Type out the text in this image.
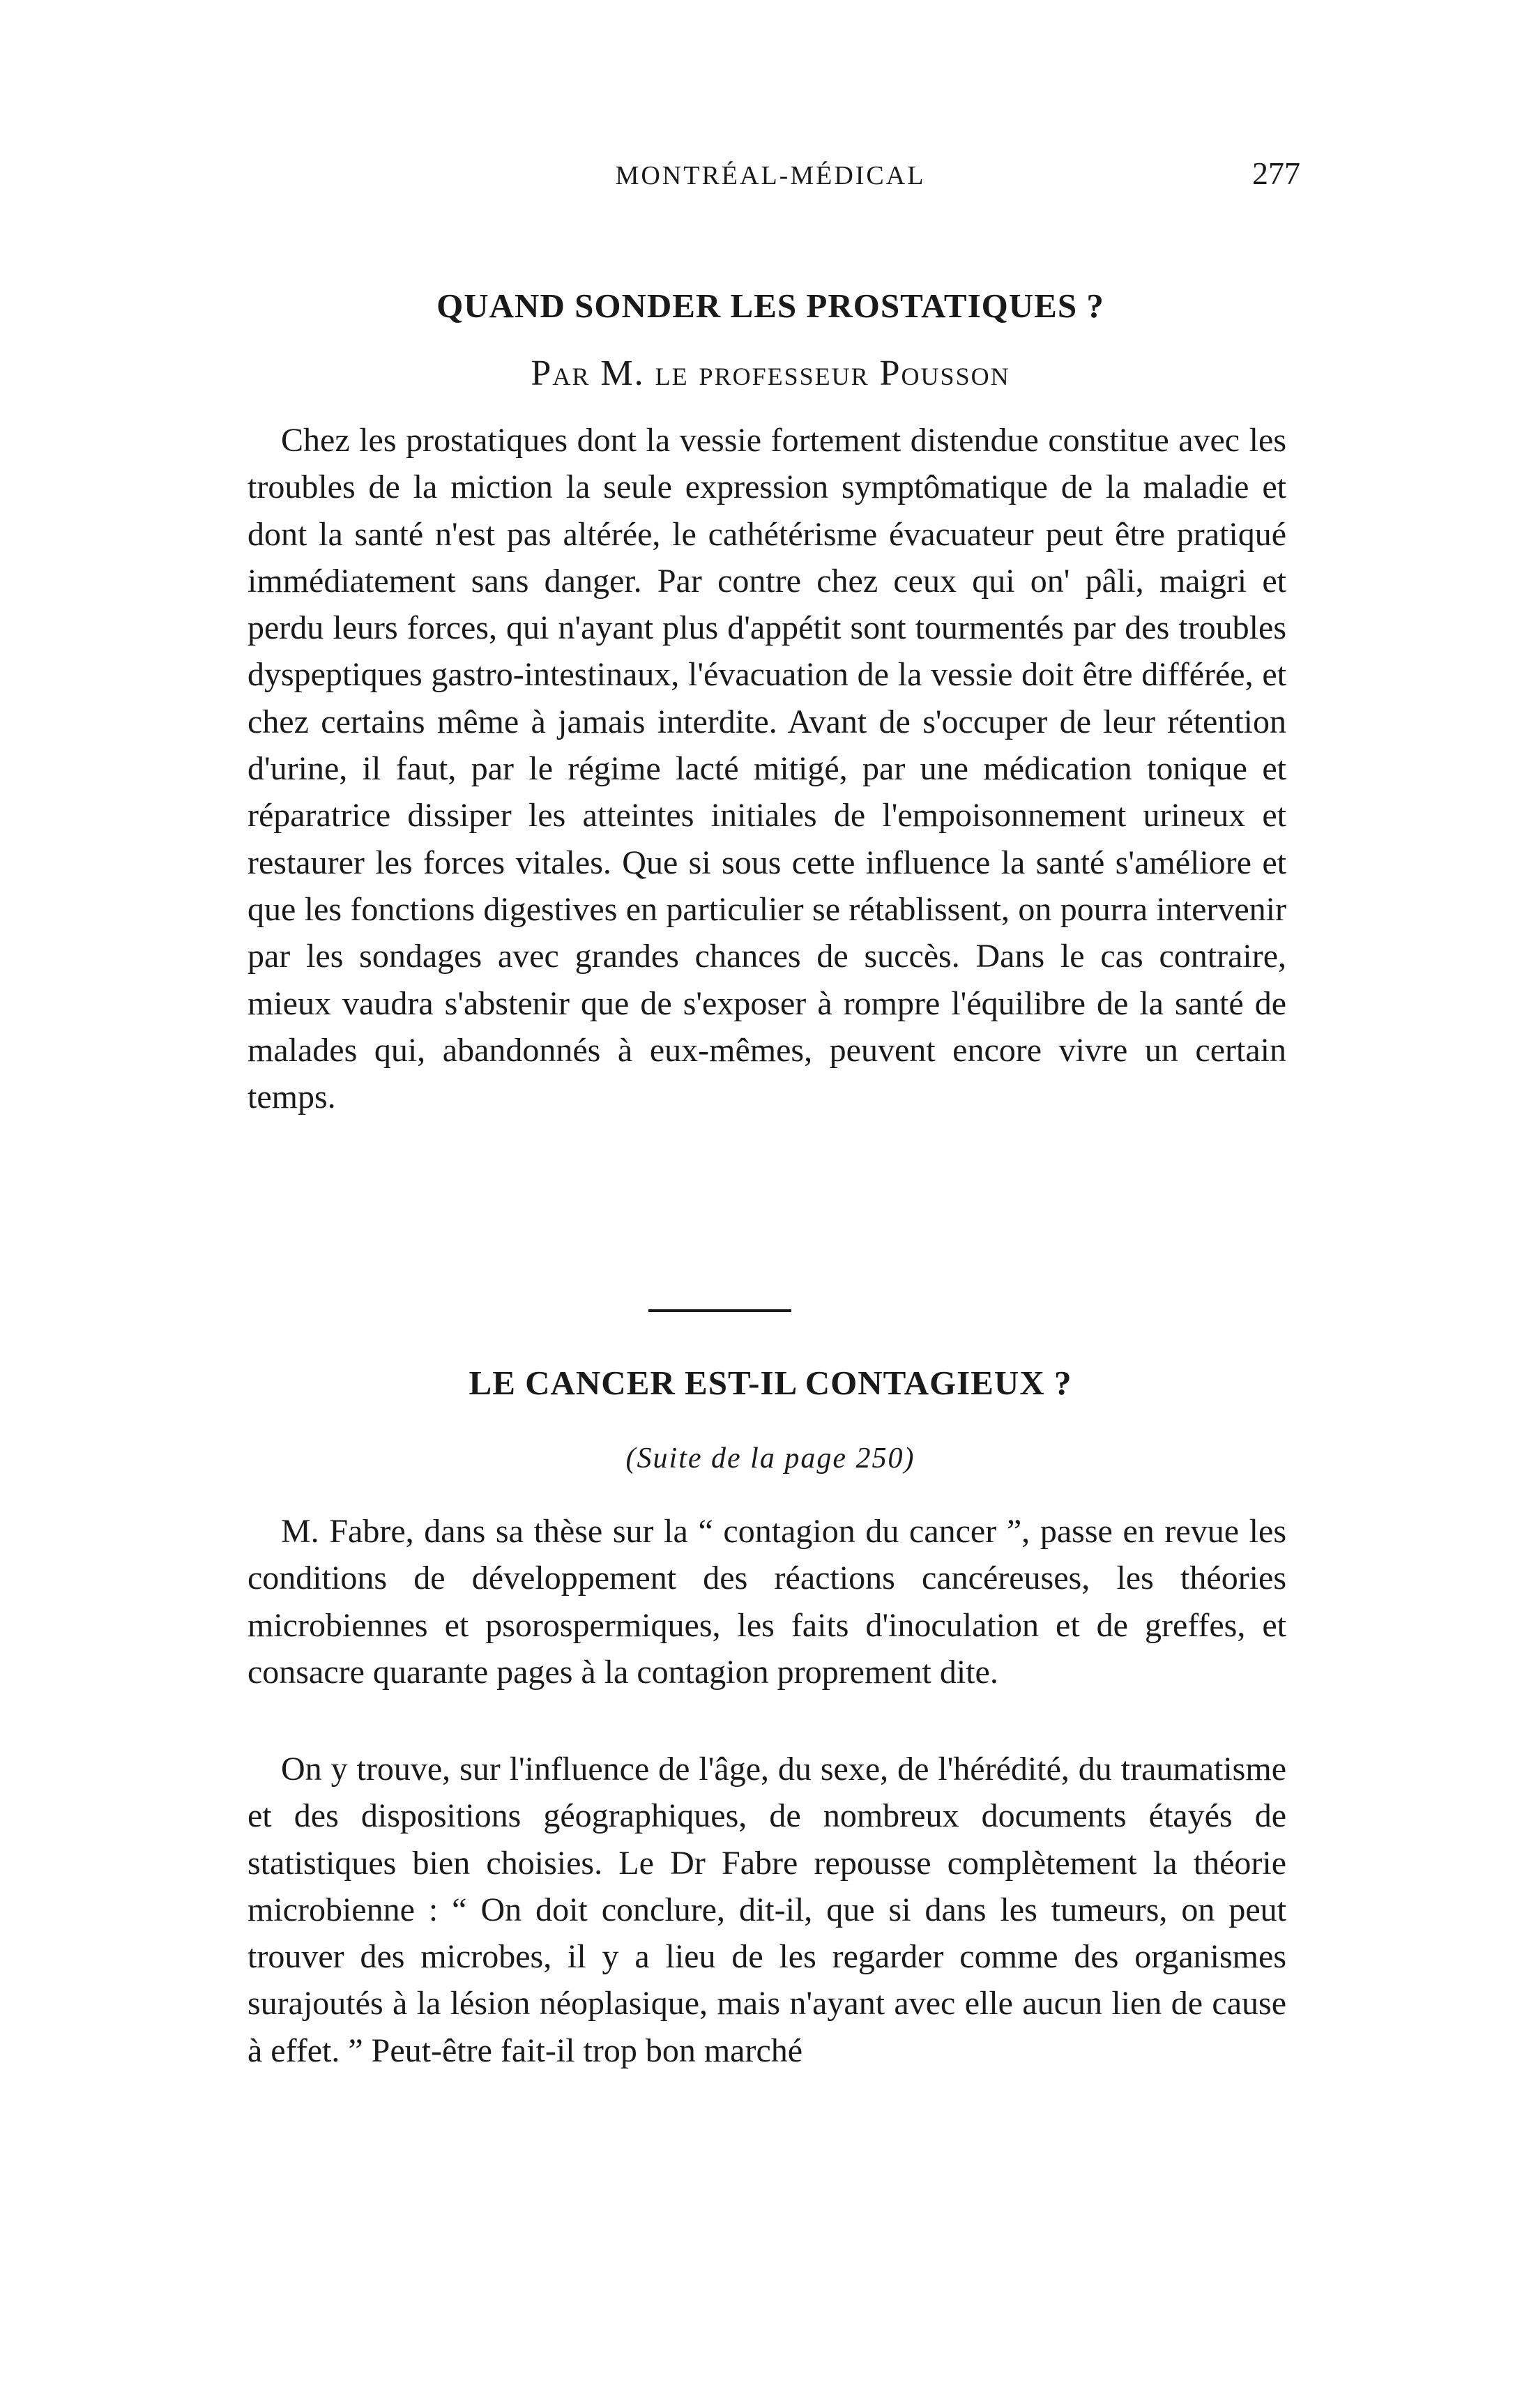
MONTRÉAL-MÉDICAL	277
QUAND SONDER LES PROSTATIQUES ?
Par M. le professeur Pousson

Chez les prostatiques dont la vessie fortement distendue constitue avec les troubles de la miction la seule expression symptômatique de la maladie et dont la santé n'est pas altérée, le cathétérisme évacuateur peut être pratiqué immédiatement sans danger. Par contre chez ceux qui on' pâli, maigri et perdu leurs forces, qui n'ayant plus d'appétit sont tourmentés par des troubles dyspeptiques gastro-intestinaux, l'évacuation de la vessie doit être différée, et chez certains même à jamais interdite. Avant de s'occuper de leur rétention d'urine, il faut, par le régime lacté mitigé, par une médication tonique et réparatrice dissiper les atteintes initiales de l'empoisonnement urineux et restaurer les forces vitales. Que si sous cette influence la santé s'améliore et que les fonctions digestives en particulier se rétablissent, on pourra intervenir par les sondages avec grandes chances de succès. Dans le cas contraire, mieux vaudra s'abstenir que de s'exposer à rompre l'équilibre de la santé de malades qui, abandonnés à eux-mêmes, peuvent encore vivre un certain temps.

LE CANCER EST-IL CONTAGIEUX ?
(Suite de la page 250)

M. Fabre, dans sa thèse sur la “ contagion du cancer ”, passe en revue les conditions de développement des réactions cancéreuses, les théories microbiennes et psorospermiques, les faits d'inoculation et de greffes, et consacre quarante pages à la contagion proprement dite.

On y trouve, sur l'influence de l'âge, du sexe, de l'hérédité, du traumatisme et des dispositions géographiques, de nombreux documents étayés de statistiques bien choisies. Le Dr Fabre repousse complètement la théorie microbienne : “ On doit conclure, dit-il, que si dans les tumeurs, on peut trouver des microbes, il y a lieu de les regarder comme des organismes surajoutés à la lésion néoplasique, mais n'ayant avec elle aucun lien de cause à effet. ” Peut-être fait-il trop bon marché
